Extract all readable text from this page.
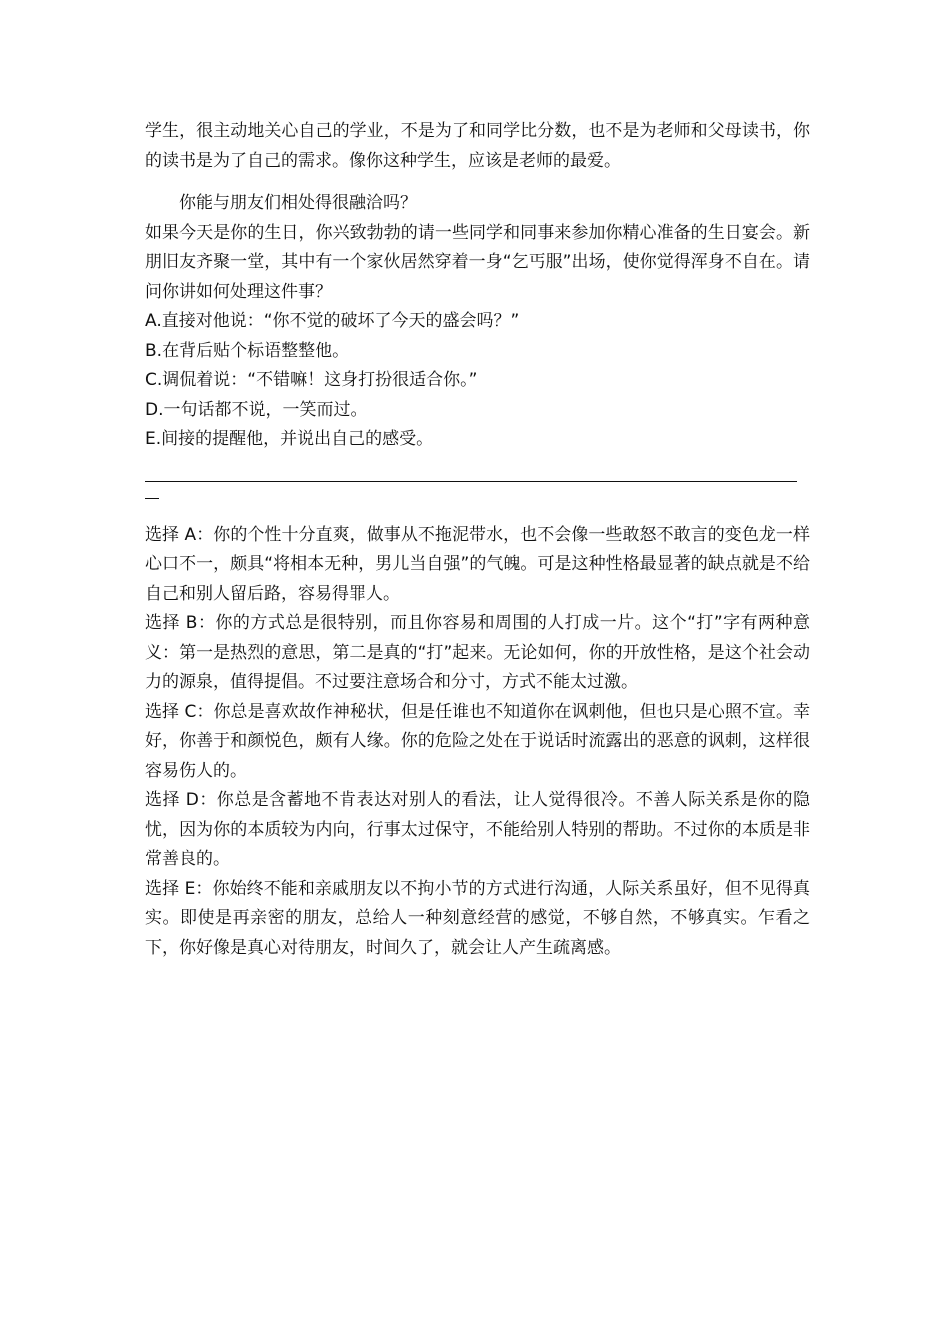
学生，很主动地关心自己的学业，不是为了和同学比分数，也不是为老师和父母读书，你的读书是为了自己的需求。像你这种学生，应该是老师的最爱。

你能与朋友们相处得很融洽吗？

如果今天是你的生日，你兴致勃勃的请一些同学和同事来参加你精心准备的生日宴会。新朋旧友齐聚一堂，其中有一个家伙居然穿着一身“乞丐服”出场，使你觉得浑身不自在。请问你讲如何处理这件事？

A.直接对他说：“你不觉的破坏了今天的盛会吗？”

B.在背后贴个标语整整他。

C.调侃着说：“不错嘛！这身打扮很适合你。”

D.一句话都不说，一笑而过。

E.间接的提醒他，并说出自己的感受。

选择 A：你的个性十分直爽，做事从不拖泥带水，也不会像一些敢怒不敢言的变色龙一样心口不一，颇具“将相本无种，男儿当自强”的气魄。可是这种性格最显著的缺点就是不给自己和别人留后路，容易得罪人。

选择 B：你的方式总是很特别，而且你容易和周围的人打成一片。这个“打”字有两种意义：第一是热烈的意思，第二是真的“打”起来。无论如何，你的开放性格，是这个社会动力的源泉，值得提倡。不过要注意场合和分寸，方式不能太过激。

选择 C：你总是喜欢故作神秘状，但是任谁也不知道你在讽刺他，但也只是心照不宣。幸好，你善于和颜悦色，颇有人缘。你的危险之处在于说话时流露出的恶意的讽刺，这样很容易伤人的。

选择 D：你总是含蓄地不肯表达对别人的看法，让人觉得很冷。不善人际关系是你的隐忧，因为你的本质较为内向，行事太过保守，不能给别人特别的帮助。不过你的本质是非常善良的。

选择 E：你始终不能和亲戚朋友以不拘小节的方式进行沟通，人际关系虽好，但不见得真实。即使是再亲密的朋友，总给人一种刻意经营的感觉，不够自然，不够真实。乍看之下，你好像是真心对待朋友，时间久了，就会让人产生疏离感。
